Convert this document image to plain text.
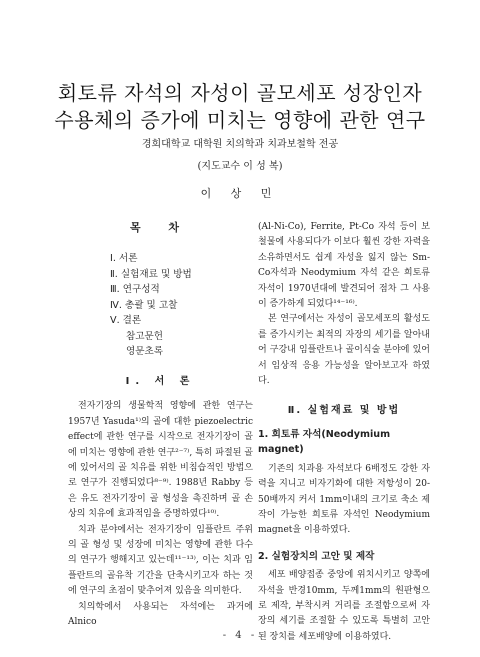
회토류 자석의 자성이 골모세포 성장인자
수용체의 증가에 미치는 영향에 관한 연구
경희대학교 대학원 치의학과 치과보철학 전공
(지도교수 이 성 복)
이 상 민
목 차
Ⅰ. 서론
Ⅱ. 실험재료 및 방법
Ⅲ. 연구성적
Ⅳ. 총괄 및 고찰
Ⅴ. 결론
참고문헌
영문초록
Ⅰ. 서 론

전자기장의 생물학적 영향에 관한 연구는 1957년 Yasuda¹⁾의 골에 대한 piezoelectric effect에 관한 연구를 시작으로 전자기장이 골에 미치는 영향에 관한 연구²⁻⁷⁾, 특히 파절된 골에 있어서의 골 치유를 위한 비침습적인 방법으로 연구가 진행되었다⁸⁻⁹⁾. 1988년 Rabby 등은 유도 전자기장이 골 형성을 촉진하며 골 손상의 치유에 효과적임을 증명하였다¹⁰⁾.

치과 분야에서는 전자기장이 임플란트 주위의 골 형성 및 성장에 미치는 영향에 관한 다수의 연구가 행해지고 있는데¹¹⁻¹³⁾, 이는 치과 임플란트의 골유착 기간을 단축시키고자 하는 것에 연구의 초점이 맞추어져 있음을 의미한다.

치의학에서 사용되는 자석에는 과거에 Alnico

(Al-Ni-Co), Ferrite, Pt-Co 자석 등이 보철물에 사용되다가 이보다 훨씬 강한 자력을 소유하면서도 쉽게 자성을 잃지 않는 Sm-Co자석과 Neodymium 자석 같은 희토류 자석이 1970년대에 발견되어 점차 그 사용이 증가하게 되었다¹⁴⁻¹⁶⁾.

본 연구에서는 자성이 골모세포의 활성도를 증가시키는 최적의 자장의 세기를 알아내어 구강내 임플란트나 골이식술 분야에 있어서 임상적 응용 가능성을 알아보고자 하였다.

Ⅱ. 실험재료 및 방법
1. 희토류 자석(Neodymium magnet)

기존의 치과용 자석보다 6배정도 강한 자력을 지니고 비자기화에 대한 저항성이 20-50배까지 커서 1mm이내의 크기로 축소 제작이 가능한 희토류 자석인 Neodymium magnet을 이용하였다.

2. 실험장치의 고안 및 제작

세포 배양접종 중앙에 위치시키고 양쪽에 자석을 반경10mm, 두께1mm의 원판형으로 제작, 부착시켜 거리를 조절함으로써 자장의 세기를 조절할 수 있도록 특별히 고안된 장치를 세포배양에 이용하였다.

- 4 -
